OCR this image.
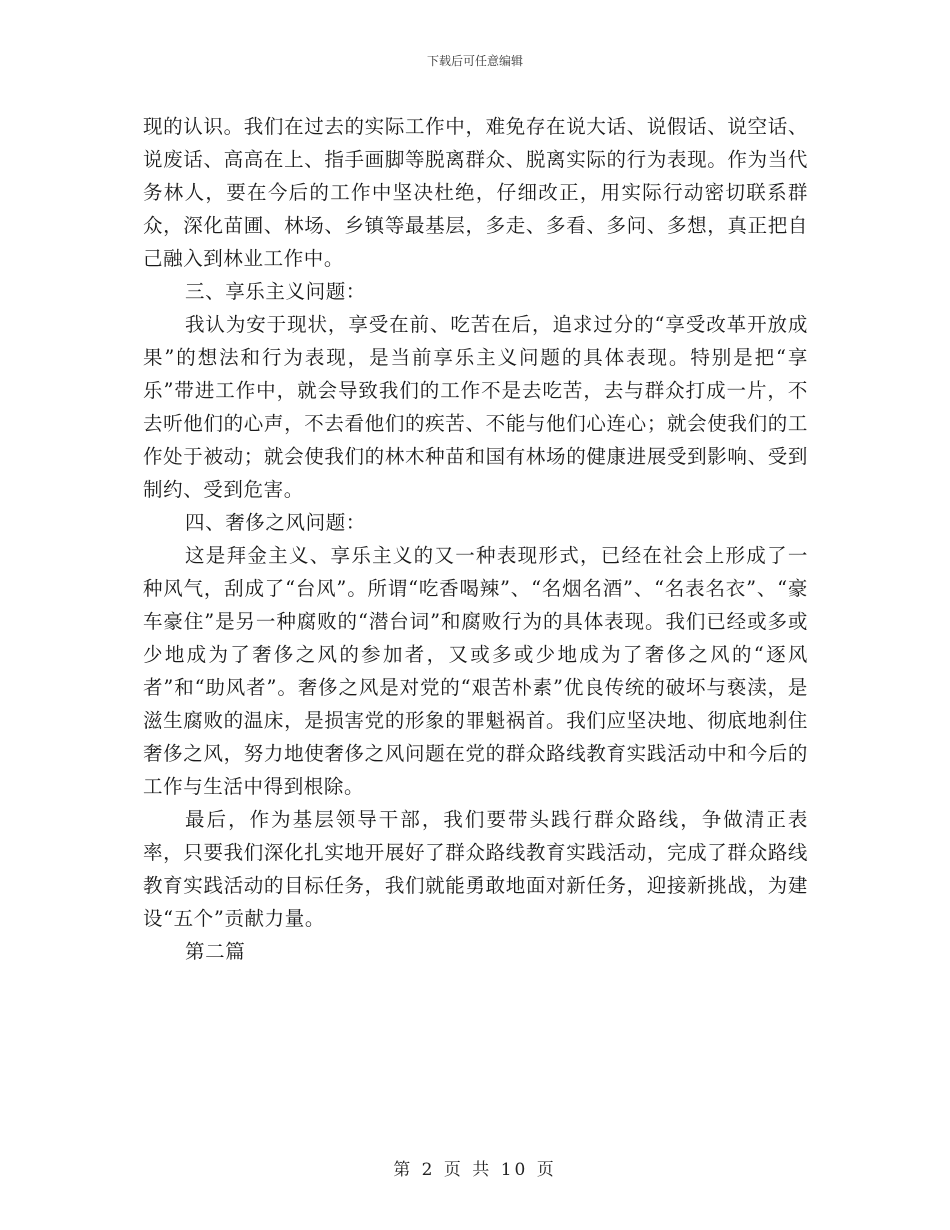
下载后可任意编辑

现的认识。我们在过去的实际工作中，难免存在说大话、说假话、说空话、说废话、高高在上、指手画脚等脱离群众、脱离实际的行为表现。作为当代务林人，要在今后的工作中坚决杜绝，仔细改正，用实际行动密切联系群众，深化苗圃、林场、乡镇等最基层，多走、多看、多问、多想，真正把自己融入到林业工作中。

三、享乐主义问题：

我认为安于现状，享受在前、吃苦在后，追求过分的“享受改革开放成果”的想法和行为表现，是当前享乐主义问题的具体表现。特别是把“享乐”带进工作中，就会导致我们的工作不是去吃苦，去与群众打成一片，不去听他们的心声，不去看他们的疾苦、不能与他们心连心；就会使我们的工作处于被动；就会使我们的林木种苗和国有林场的健康进展受到影响、受到制约、受到危害。

四、奢侈之风问题：

这是拜金主义、享乐主义的又一种表现形式，已经在社会上形成了一种风气，刮成了“台风”。所谓“吃香喝辣”、“名烟名酒”、“名表名衣”、“豪车豪住”是另一种腐败的“潜台词”和腐败行为的具体表现。我们已经或多或少地成为了奢侈之风的参加者，又或多或少地成为了奢侈之风的“逐风者”和“助风者”。奢侈之风是对党的“艰苦朴素”优良传统的破坏与亵渎，是滋生腐败的温床，是损害党的形象的罪魁祸首。我们应坚决地、彻底地刹住奢侈之风，努力地使奢侈之风问题在党的群众路线教育实践活动中和今后的工作与生活中得到根除。

最后，作为基层领导干部，我们要带头践行群众路线，争做清正表率，只要我们深化扎实地开展好了群众路线教育实践活动，完成了群众路线教育实践活动的目标任务，我们就能勇敢地面对新任务，迎接新挑战，为建设“五个”贡献力量。

第二篇

第 2 页 共 10 页
